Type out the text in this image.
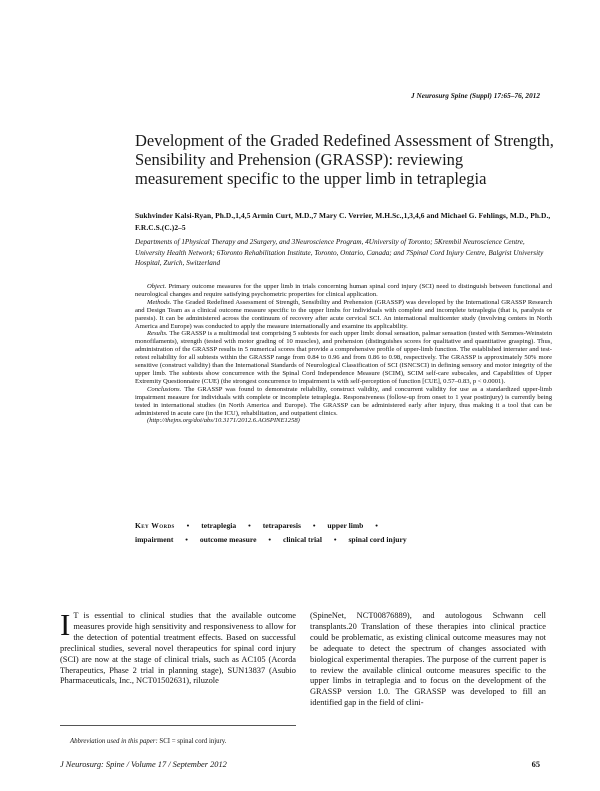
J Neurosurg Spine (Suppl) 17:65–76, 2012
Development of the Graded Redefined Assessment of Strength, Sensibility and Prehension (GRASSP): reviewing measurement specific to the upper limb in tetraplegia
Sukhvinder Kalsi-Ryan, Ph.D.,1,4,5 Armin Curt, M.D.,7 Mary C. Verrier, M.H.Sc.,1,3,4,6 and Michael G. Fehlings, M.D., Ph.D., F.R.C.S.(C.)2–5
Departments of 1Physical Therapy and 2Surgery, and 3Neuroscience Program, 4University of Toronto; 5Krembil Neuroscience Centre, University Health Network; 6Toronto Rehabilitation Institute, Toronto, Ontario, Canada; and 7Spinal Cord Injury Centre, Balgrist University Hospital, Zurich, Switzerland

Object. Primary outcome measures for the upper limb in trials concerning human spinal cord injury (SCI) need to distinguish between functional and neurological changes and require satisfying psychometric properties for clinical application.

Methods. The Graded Redefined Assessment of Strength, Sensibility and Prehension (GRASSP) was developed by the International GRASSP Research and Design Team as a clinical outcome measure specific to the upper limbs for individuals with complete and incomplete tetraplegia (that is, paralysis or paresis). It can be administered across the continuum of recovery after acute cervical SCI. An international multicenter study (involving centers in North America and Europe) was conducted to apply the measure internationally and examine its applicability.

Results. The GRASSP is a multimodal test comprising 5 subtests for each upper limb: dorsal sensation, palmar sensation (tested with Semmes-Weinstein monofilaments), strength (tested with motor grading of 10 muscles), and prehension (distinguishes scores for qualitative and quantitative grasping). Thus, administration of the GRASSP results in 5 numerical scores that provide a comprehensive profile of upper-limb function. The established interrater and test-retest reliability for all subtests within the GRASSP range from 0.84 to 0.96 and from 0.86 to 0.98, respectively. The GRASSP is approximately 50% more sensitive (construct validity) than the International Standards of Neurological Classification of SCI (ISNCSCI) in defining sensory and motor integrity of the upper limb. The subtests show concurrence with the Spinal Cord Independence Measure (SCIM), SCIM self-care subscales, and Capabilities of Upper Extremity Questionnaire (CUE) (the strongest concurrence to impairment is with self-perception of function [CUE], 0.57–0.83, p < 0.0001).

Conclusions. The GRASSP was found to demonstrate reliability, construct validity, and concurrent validity for use as a standardized upper-limb impairment measure for individuals with complete or incomplete tetraplegia. Responsiveness (follow-up from onset to 1 year postinjury) is currently being tested in international studies (in North America and Europe). The GRASSP can be administered early after injury, thus making it a tool that can be administered in acute care (in the ICU), rehabilitation, and outpatient clinics.

(http://thejns.org/doi/abs/10.3171/2012.6.AOSPINE1258)

Key Words • tetraplegia • tetraparesis • upper limb •
impairment • outcome measure • clinical trial • spinal cord injury
I T is essential to clinical studies that the available outcome measures provide high sensitivity and responsiveness to allow for the detection of potential treatment effects. Based on successful preclinical studies, several novel therapeutics for spinal cord injury (SCI) are now at the stage of clinical trials, such as AC105 (Acorda Therapeutics, Phase 2 trial in planning stage), SUN13837 (Asubio Pharmaceuticals, Inc., NCT01502631), riluzole
(SpineNet, NCT00876889), and autologous Schwann cell transplants.20 Translation of these therapies into clinical practice could be problematic, as existing clinical outcome measures may not be adequate to detect the spectrum of changes associated with biological experimental therapies. The purpose of the current paper is to review the available clinical outcome measures specific to the upper limbs in tetraplegia and to focus on the development of the GRASSP version 1.0. The GRASSP was developed to fill an identified gap in the field of clini-
Abbreviation used in this paper: SCI = spinal cord injury.
J Neurosurg: Spine / Volume 17 / September 2012	65
